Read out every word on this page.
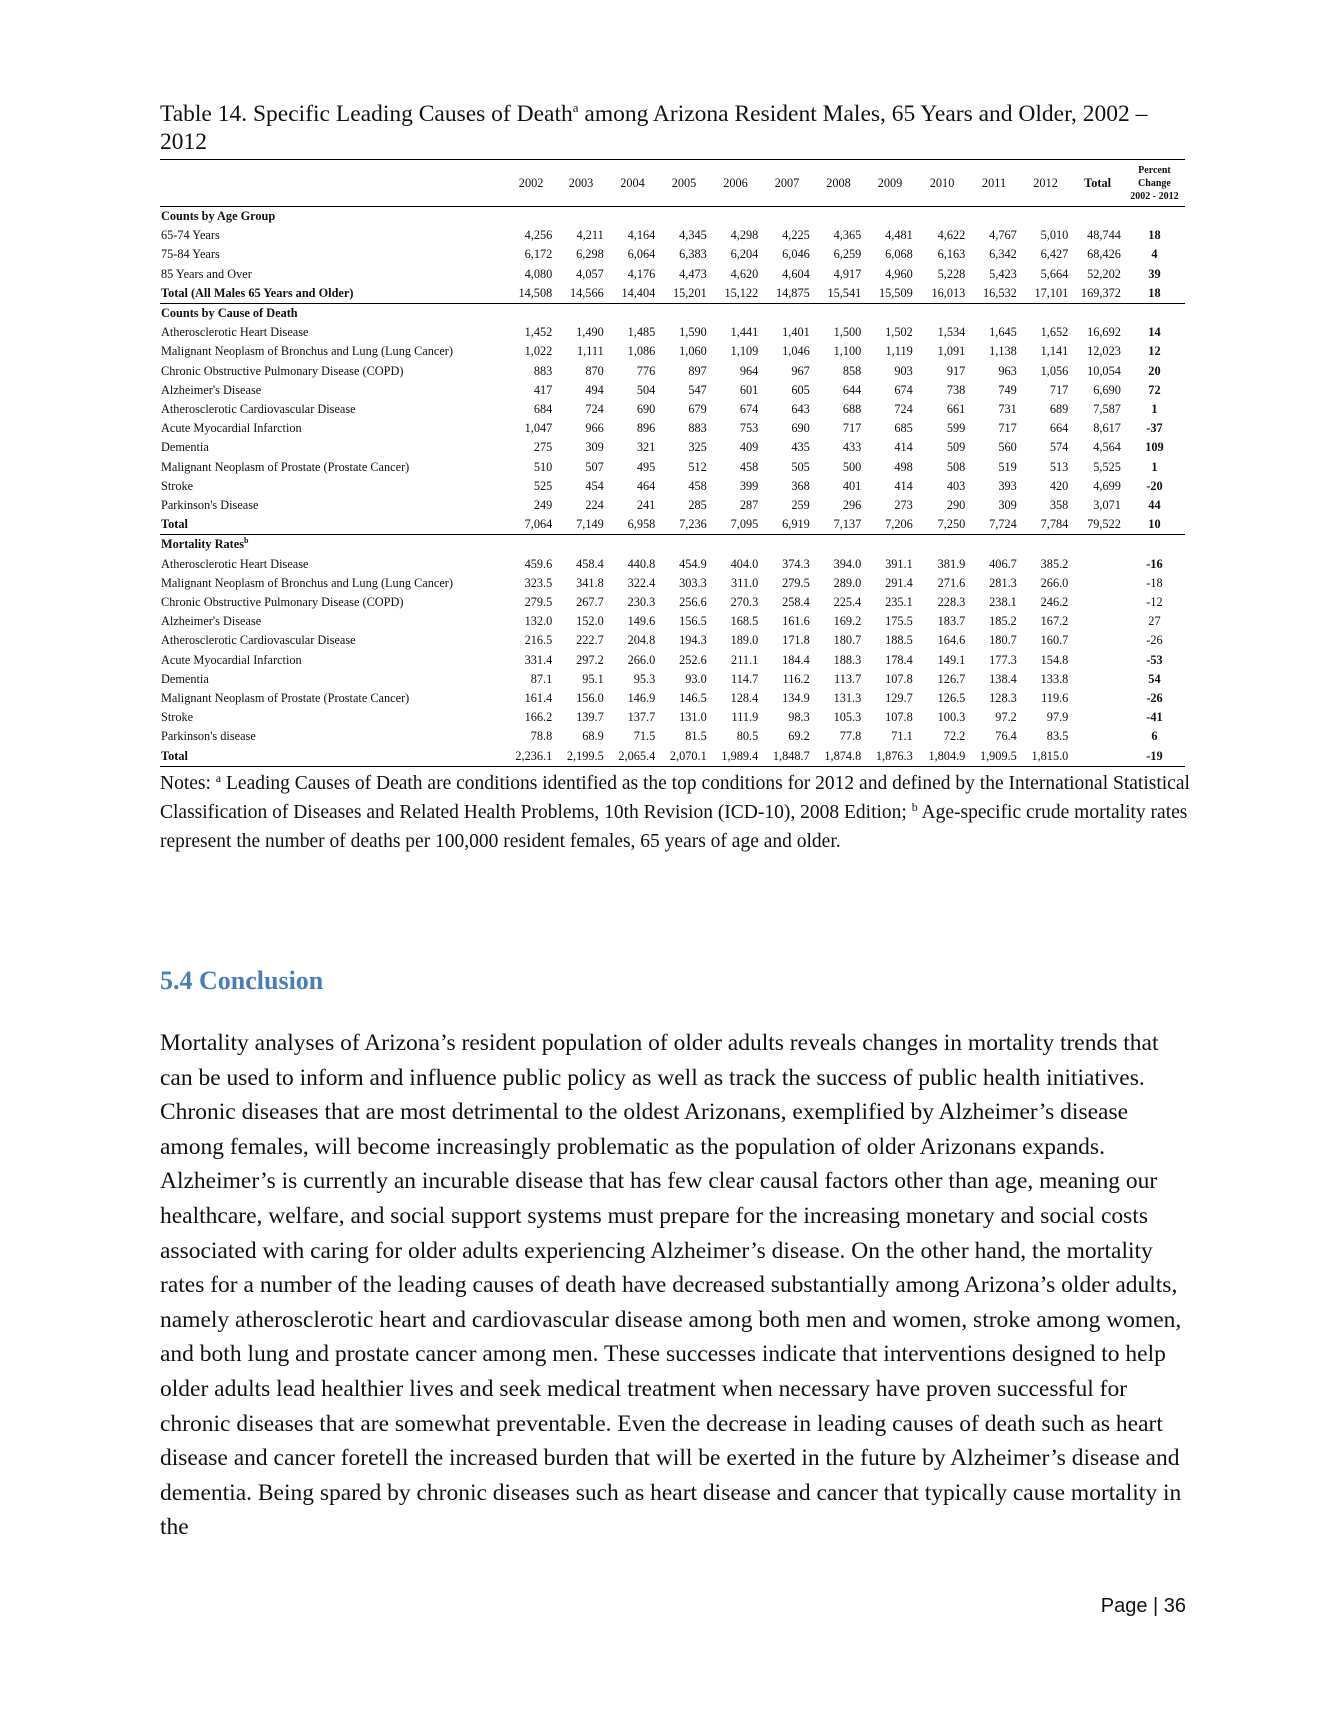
Table 14. Specific Leading Causes of Death$^a$ among Arizona Resident Males, 65 Years and Older, 2002 – 2012
	2002	2003	2004	2005	2006	2007	2008	2009	2010	2011	2012	Total	Percent
Change
2002 - 2012

Counts by Age Group													
65-74 Years	4,256	4,211	4,164	4,345	4,298	4,225	4,365	4,481	4,622	4,767	5,010	48,744	18
75-84 Years	6,172	6,298	6,064	6,383	6,204	6,046	6,259	6,068	6,163	6,342	6,427	68,426	4
85 Years and Over	4,080	4,057	4,176	4,473	4,620	4,604	4,917	4,960	5,228	5,423	5,664	52,202	39
Total (All Males 65 Years and Older)	14,508	14,566	14,404	15,201	15,122	14,875	15,541	15,509	16,013	16,532	17,101	169,372	18
Counts by Cause of Death													
Atherosclerotic Heart Disease	1,452	1,490	1,485	1,590	1,441	1,401	1,500	1,502	1,534	1,645	1,652	16,692	14
Malignant Neoplasm of Bronchus and Lung (Lung Cancer)	1,022	1,111	1,086	1,060	1,109	1,046	1,100	1,119	1,091	1,138	1,141	12,023	12
Chronic Obstructive Pulmonary Disease (COPD)	883	870	776	897	964	967	858	903	917	963	1,056	10,054	20
Alzheimer's Disease	417	494	504	547	601	605	644	674	738	749	717	6,690	72
Atherosclerotic Cardiovascular Disease	684	724	690	679	674	643	688	724	661	731	689	7,587	1
Acute Myocardial Infarction	1,047	966	896	883	753	690	717	685	599	717	664	8,617	-37
Dementia	275	309	321	325	409	435	433	414	509	560	574	4,564	109
Malignant Neoplasm of Prostate (Prostate Cancer)	510	507	495	512	458	505	500	498	508	519	513	5,525	1
Stroke	525	454	464	458	399	368	401	414	403	393	420	4,699	-20
Parkinson's Disease	249	224	241	285	287	259	296	273	290	309	358	3,071	44
Total	7,064	7,149	6,958	7,236	7,095	6,919	7,137	7,206	7,250	7,724	7,784	79,522	10
Mortality Rates$^b$
Atherosclerotic Heart Disease	459.6	458.4	440.8	454.9	404.0	374.3	394.0	391.1	381.9	406.7	385.2		-16
Malignant Neoplasm of Bronchus and Lung (Lung Cancer)	323.5	341.8	322.4	303.3	311.0	279.5	289.0	291.4	271.6	281.3	266.0		-18
Chronic Obstructive Pulmonary Disease (COPD)	279.5	267.7	230.3	256.6	270.3	258.4	225.4	235.1	228.3	238.1	246.2		-12
Alzheimer's Disease	132.0	152.0	149.6	156.5	168.5	161.6	169.2	175.5	183.7	185.2	167.2		27
Atherosclerotic Cardiovascular Disease	216.5	222.7	204.8	194.3	189.0	171.8	180.7	188.5	164.6	180.7	160.7		-26
Acute Myocardial Infarction	331.4	297.2	266.0	252.6	211.1	184.4	188.3	178.4	149.1	177.3	154.8		-53
Dementia	87.1	95.1	95.3	93.0	114.7	116.2	113.7	107.8	126.7	138.4	133.8		54
Malignant Neoplasm of Prostate (Prostate Cancer)	161.4	156.0	146.9	146.5	128.4	134.9	131.3	129.7	126.5	128.3	119.6		-26
Stroke	166.2	139.7	137.7	131.0	111.9	98.3	105.3	107.8	100.3	97.2	97.9		-41
Parkinson's disease	78.8	68.9	71.5	81.5	80.5	69.2	77.8	71.1	72.2	76.4	83.5		6
Total	2,236.1	2,199.5	2,065.4	2,070.1	1,989.4	1,848.7	1,874.8	1,876.3	1,804.9	1,909.5	1,815.0		-19
Notes: $^a$ Leading Causes of Death are conditions identified as the top conditions for 2012 and defined by the International Statistical Classification of Diseases and Related Health Problems, 10th Revision (ICD-10), 2008 Edition; $^b$ Age-specific crude mortality rates represent the number of deaths per 100,000 resident females, 65 years of age and older.
5.4 Conclusion
Mortality analyses of Arizona’s resident population of older adults reveals changes in mortality trends that can be used to inform and influence public policy as well as track the success of public health initiatives. Chronic diseases that are most detrimental to the oldest Arizonans, exemplified by Alzheimer’s disease among females, will become increasingly problematic as the population of older Arizonans expands. Alzheimer’s is currently an incurable disease that has few clear causal factors other than age, meaning our healthcare, welfare, and social support systems must prepare for the increasing monetary and social costs associated with caring for older adults experiencing Alzheimer’s disease. On the other hand, the mortality rates for a number of the leading causes of death have decreased substantially among Arizona’s older adults, namely atherosclerotic heart and cardiovascular disease among both men and women, stroke among women, and both lung and prostate cancer among men. These successes indicate that interventions designed to help older adults lead healthier lives and seek medical treatment when necessary have proven successful for chronic diseases that are somewhat preventable. Even the decrease in leading causes of death such as heart disease and cancer foretell the increased burden that will be exerted in the future by Alzheimer’s disease and dementia. Being spared by chronic diseases such as heart disease and cancer that typically cause mortality in the
Page | 36
